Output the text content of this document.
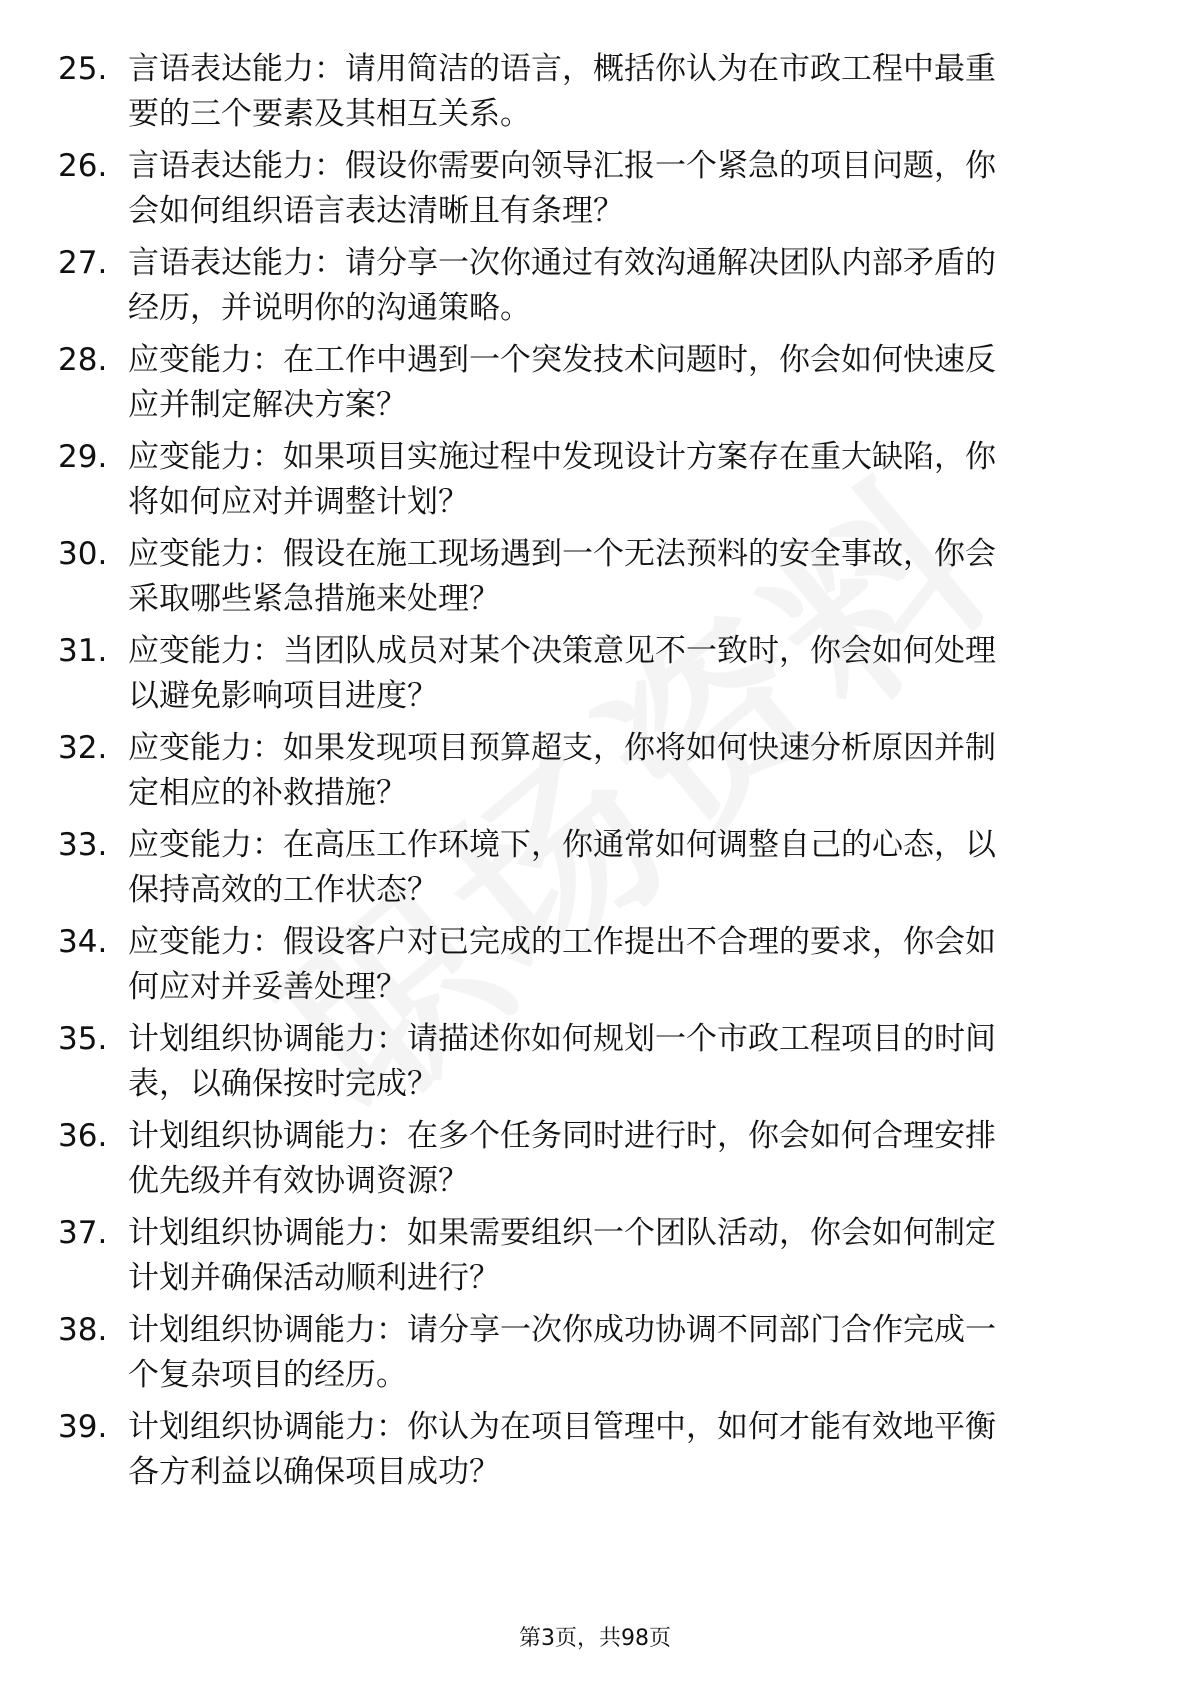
25. 言语表达能力：请用简洁的语言，概括你认为在市政工程中最重
要的三个要素及其相互关系。
26. 言语表达能力：假设你需要向领导汇报一个紧急的项目问题，你
会如何组织语言表达清晰且有条理？
27. 言语表达能力：请分享一次你通过有效沟通解决团队内部矛盾的
经历，并说明你的沟通策略。
28. 应变能力：在工作中遇到一个突发技术问题时，你会如何快速反
应并制定解决方案？
29. 应变能力：如果项目实施过程中发现设计方案存在重大缺陷，你
将如何应对并调整计划？
30. 应变能力：假设在施工现场遇到一个无法预料的安全事故，你会
采取哪些紧急措施来处理？
31. 应变能力：当团队成员对某个决策意见不一致时，你会如何处理
以避免影响项目进度？
32. 应变能力：如果发现项目预算超支，你将如何快速分析原因并制
定相应的补救措施？
33. 应变能力：在高压工作环境下，你通常如何调整自己的心态，以
保持高效的工作状态？
34. 应变能力：假设客户对已完成的工作提出不合理的要求，你会如
何应对并妥善处理？
35. 计划组织协调能力：请描述你如何规划一个市政工程项目的时间
表，以确保按时完成？
36. 计划组织协调能力：在多个任务同时进行时，你会如何合理安排
优先级并有效协调资源？
37. 计划组织协调能力：如果需要组织一个团队活动，你会如何制定
计划并确保活动顺利进行？
38. 计划组织协调能力：请分享一次你成功协调不同部门合作完成一
个复杂项目的经历。
39. 计划组织协调能力：你认为在项目管理中，如何才能有效地平衡
各方利益以确保项目成功？
第3页，共98页
